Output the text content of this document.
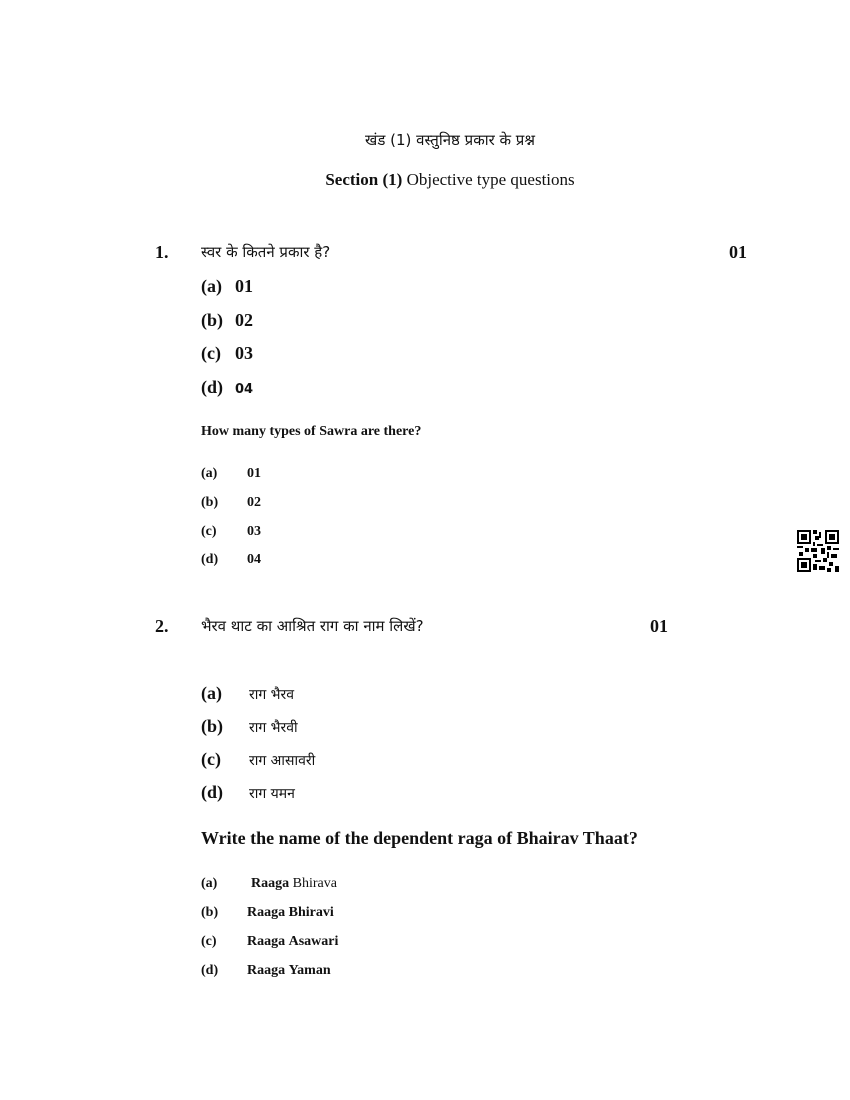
खंड (1) वस्तुनिष्ठ प्रकार के प्रश्न
Section (1) Objective type questions
1. स्वर के कितने प्रकार है?	01
(a) 01
(b) 02
(c) 03
(d) 04
How many types of Sawra are there?
(a) 01
(b) 02
(c) 03
(d) 04
2. भैरव थाट का आश्रित राग का नाम लिखें?	01
(a) राग भैरव
(b) राग भैरवी
(c) राग आसावरी
(d) राग यमन
Write the name of the dependent raga of Bhairav Thaat?
(a) Raaga Bhirava
(b) Raaga Bhiravi
(c) Raaga Asawari
(d) Raaga Yaman
